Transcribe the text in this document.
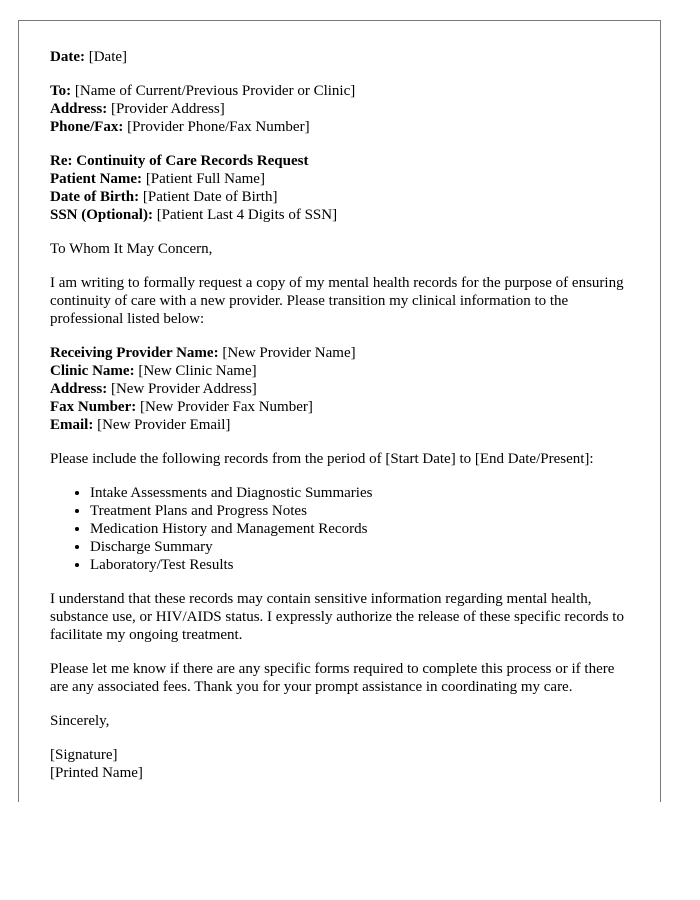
Date: [Date]
To: [Name of Current/Previous Provider or Clinic]
Address: [Provider Address]
Phone/Fax: [Provider Phone/Fax Number]
Re: Continuity of Care Records Request
Patient Name: [Patient Full Name]
Date of Birth: [Patient Date of Birth]
SSN (Optional): [Patient Last 4 Digits of SSN]

To Whom It May Concern,

I am writing to formally request a copy of my mental health records for the purpose of ensuring continuity of care with a new provider. Please transition my clinical information to the professional listed below:

Receiving Provider Name: [New Provider Name]
Clinic Name: [New Clinic Name]
Address: [New Provider Address]
Fax Number: [New Provider Fax Number]
Email: [New Provider Email]

Please include the following records from the period of [Start Date] to [End Date/Present]:

• Intake Assessments and Diagnostic Summaries
• Treatment Plans and Progress Notes
• Medication History and Management Records
• Discharge Summary
• Laboratory/Test Results

I understand that these records may contain sensitive information regarding mental health, substance use, or HIV/AIDS status. I expressly authorize the release of these specific records to facilitate my ongoing treatment.

Please let me know if there are any specific forms required to complete this process or if there are any associated fees. Thank you for your prompt assistance in coordinating my care.

Sincerely,

[Signature]
[Printed Name]
